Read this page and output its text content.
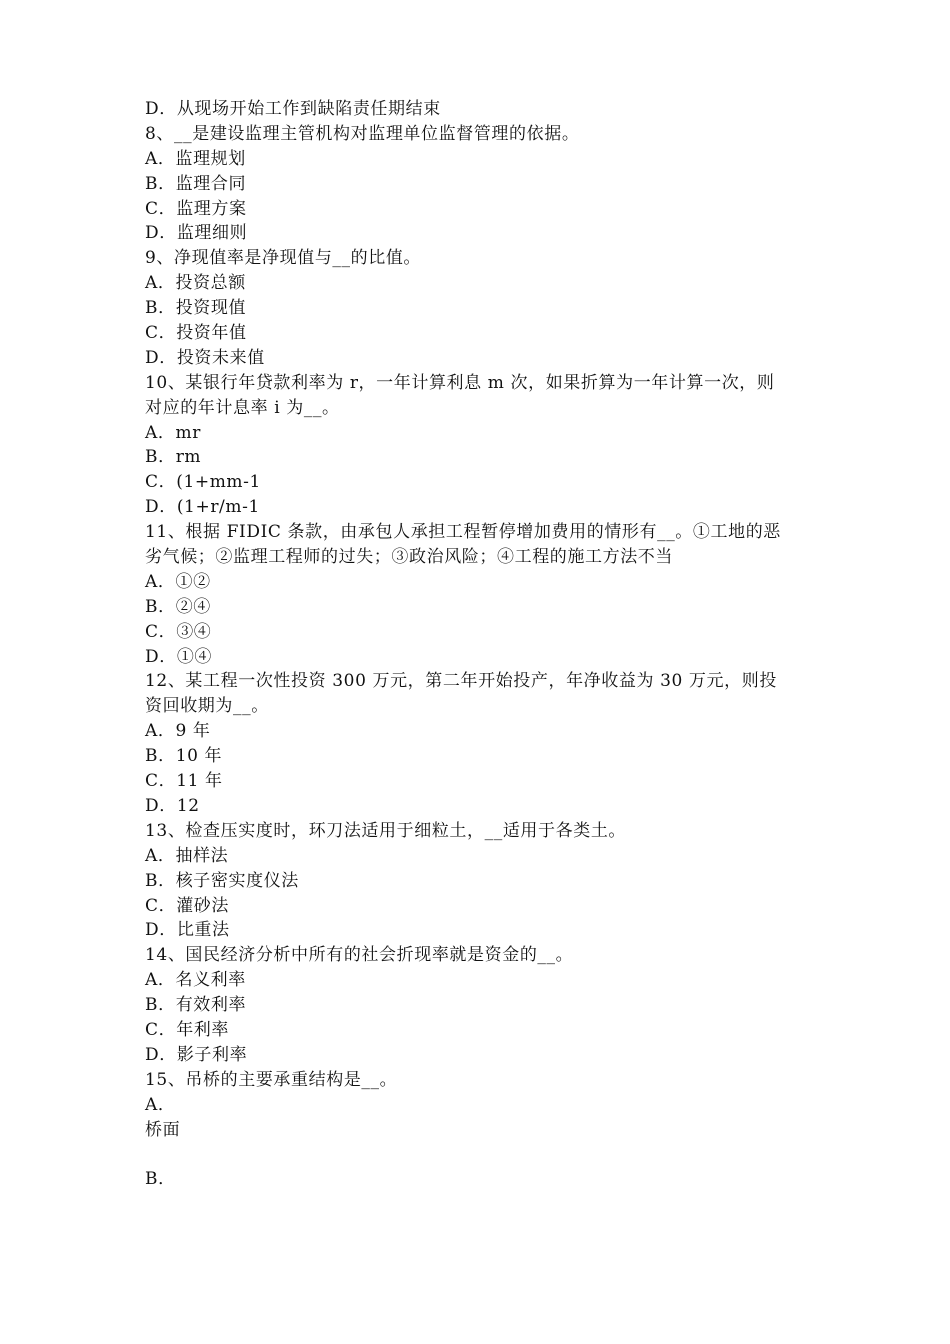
D．从现场开始工作到缺陷责任期结束
8、__是建设监理主管机构对监理单位监督管理的依据。
A．监理规划
B．监理合同
C．监理方案
D．监理细则
9、净现值率是净现值与__的比值。
A．投资总额
B．投资现值
C．投资年值
D．投资未来值
10、某银行年贷款利率为 r，一年计算利息 m 次，如果折算为一年计算一次，则
对应的年计息率 i 为__。
A．mr
B．rm
C．(1+mm-1
D．(1+r/m-1
11、根据 FIDIC 条款，由承包人承担工程暂停增加费用的情形有__。①工地的恶
劣气候；②监理工程师的过失；③政治风险；④工程的施工方法不当
A．①②
B．②④
C．③④
D．①④
12、某工程一次性投资 300 万元，第二年开始投产，年净收益为 30 万元，则投
资回收期为__。
A．9 年
B．10 年
C．11 年
D．12
13、检查压实度时，环刀法适用于细粒土，__适用于各类土。
A．抽样法
B．核子密实度仪法
C．灌砂法
D．比重法
14、国民经济分析中所有的社会折现率就是资金的__。
A．名义利率
B．有效利率
C．年利率
D．影子利率
15、吊桥的主要承重结构是__。
A．
桥面
B．
